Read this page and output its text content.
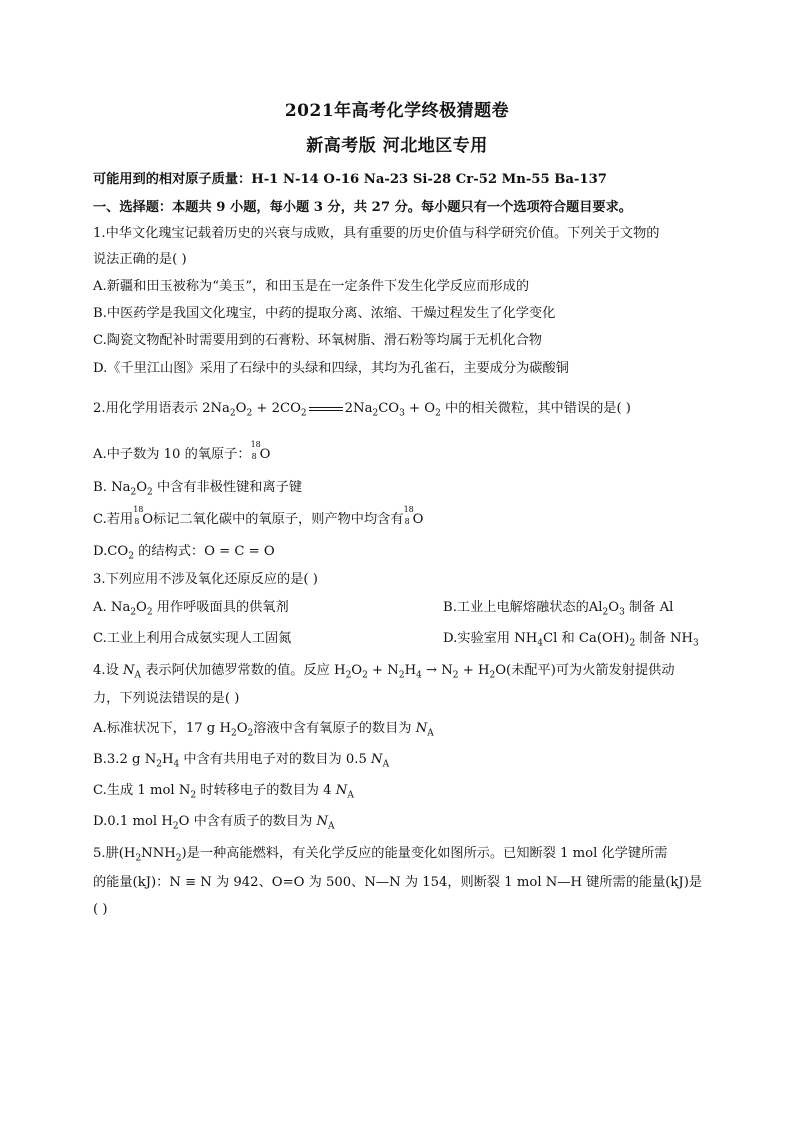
2021年高考化学终极猜题卷
新高考版 河北地区专用
可能用到的相对原子质量：H-1 N-14 O-16 Na-23 Si-28 Cr-52 Mn-55 Ba-137
一、选择题：本题共 9 小题，每小题 3 分，共 27 分。每小题只有一个选项符合题目要求。
1.中华文化瑰宝记载着历史的兴衰与成败，具有重要的历史价值与科学研究价值。下列关于文物的
说法正确的是( )
A.新疆和田玉被称为“美玉”，和田玉是在一定条件下发生化学反应而形成的
B.中医药学是我国文化瑰宝，中药的提取分离、浓缩、干燥过程发生了化学变化
C.陶瓷文物配补时需要用到的石膏粉、环氧树脂、滑石粉等均属于无机化合物
D.《千里江山图》采用了石绿中的头绿和四绿，其均为孔雀石，主要成分为碳酸铜
2.用化学用语表示 $2Na_2O_2 + 2CO_2$	$2Na_2CO_3 + O_2$ 中的相关微粒，其中错误的是( )
A.中子数为 10 的氧原子：
18
8 O
B. $Na_2O_2$ 中含有非极性键和离子键
C.若用
18
8 O标记二氧化碳中的氧原子，则产物中均含有
18
8 O
$D.CO_2$ 的结构式：O = C = O
3.下列应用不涉及氧化还原反应的是( )
A. $Na_2O_2$ 用作呼吸面具的供氧剂	B.工业上电解熔融状态的$Al_2O_3$ 制备 Al
C.工业上利用合成氨实现人工固氮	D.实验室用 $NH_4Cl$ 和 $Ca(OH)_2$ 制备 $NH_3$
4.设 $N_A$ 表示阿伏加德罗常数的值。反应 $H_2O_2 + N_2H_4 \to N_2 + H_2O$(未配平)可为火箭发射提供动
力，下列说法错误的是( )
A.标准状况下，17 g $H_2O_2$溶液中含有氧原子的数目为 $N_A$
B.3.2 g $N_2H_4$ 中含有共用电子对的数目为 0.5 $N_A$
C.生成 1 mol $N_2$ 时转移电子的数目为 4 $N_A$
D.0.1 mol $H_2O$ 中含有质子的数目为 $N_A$
5.肼$(H_2NNH_2)$是一种高能燃料，有关化学反应的能量变化如图所示。已知断裂 1 mol 化学键所需
的能量(kJ)：N ≡ N 为 942、O=O 为 500、N—N 为 154，则断裂 1 mol N—H 键所需的能量(kJ)是
( )
